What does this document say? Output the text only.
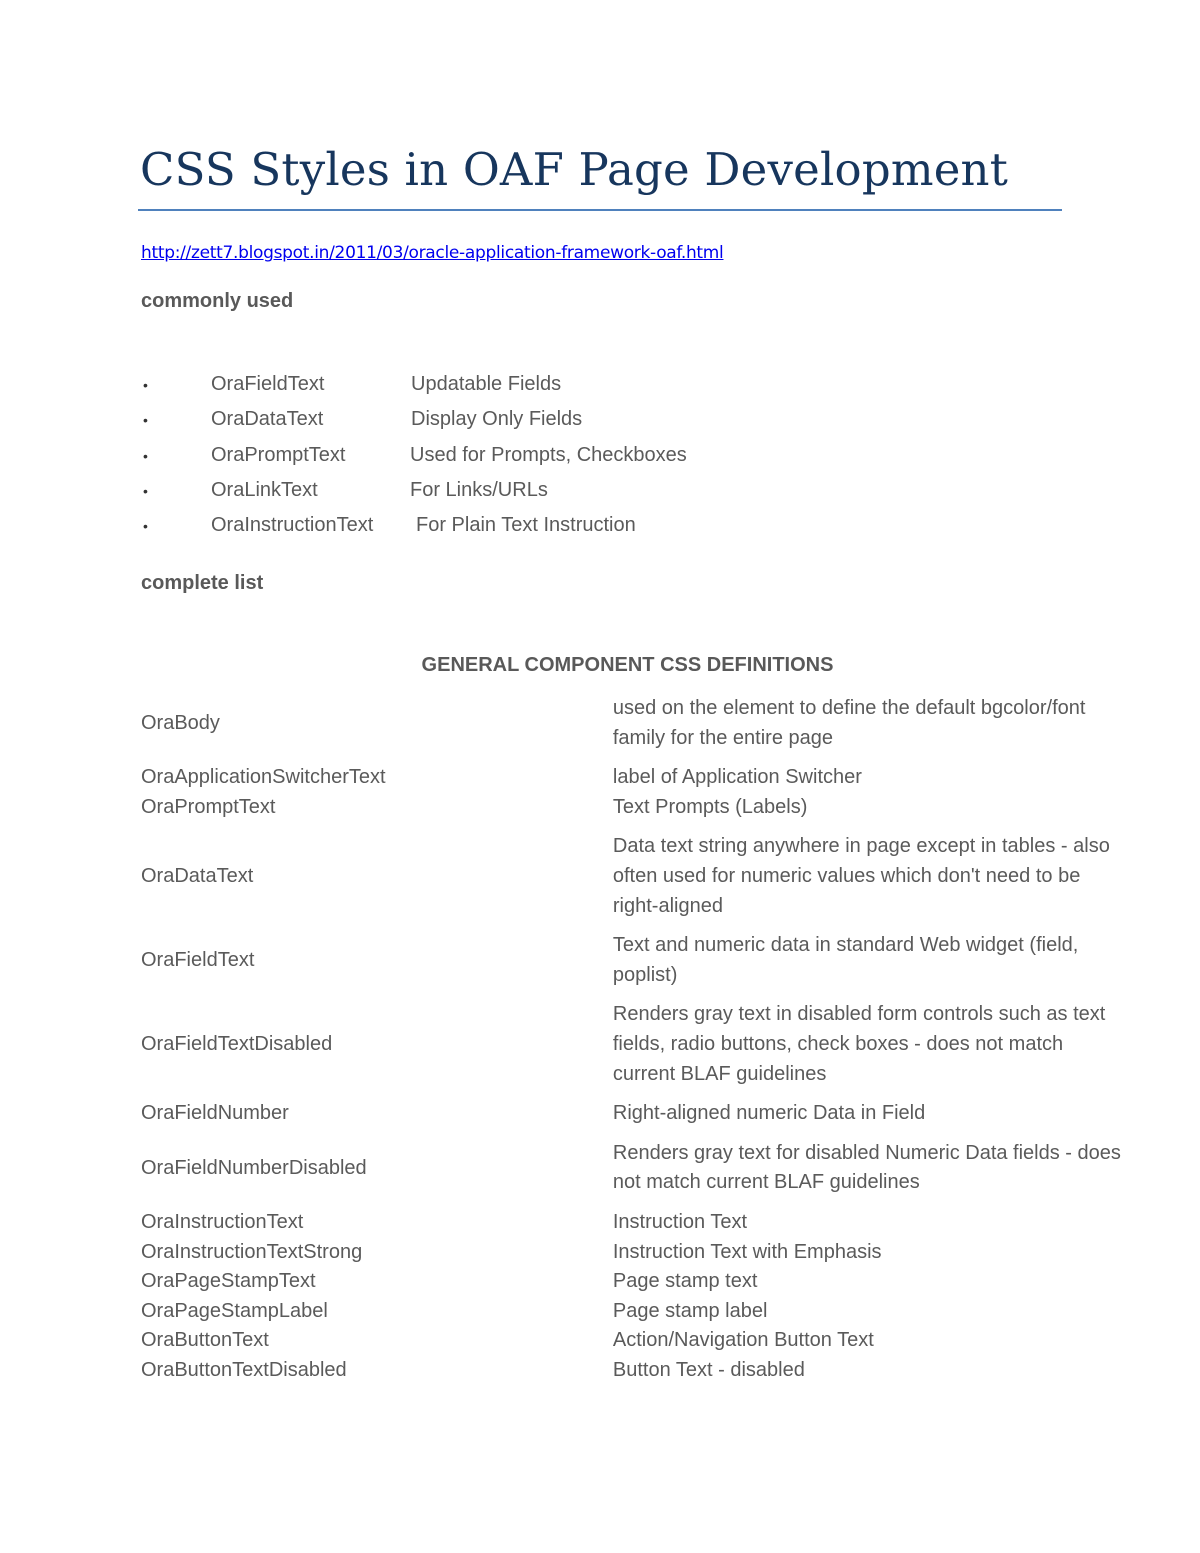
CSS Styles in OAF Page Development
http://zett7.blogspot.in/2011/03/oracle-application-framework-oaf.html
commonly used
•	OraFieldText	Updatable Fields
•	OraDataText	Display Only Fields
•	OraPromptText	Used for Prompts, Checkboxes
•	OraLinkText	For Links/URLs
•	OraInstructionText For Plain Text Instruction
complete list
GENERAL COMPONENT CSS DEFINITIONS
OraBody	used on the element to define the default bgcolor/font family for the entire page
OraApplicationSwitcherText	label of Application Switcher
OraPromptText	Text Prompts (Labels)
OraDataText	Data text string anywhere in page except in tables - also often used for numeric values which don't need to be right-aligned
OraFieldText	Text and numeric data in standard Web widget (field, poplist)
OraFieldTextDisabled	Renders gray text in disabled form controls such as text fields, radio buttons, check boxes - does not match current BLAF guidelines
OraFieldNumber	Right-aligned numeric Data in Field
OraFieldNumberDisabled	Renders gray text for disabled Numeric Data fields - does not match current BLAF guidelines
OraInstructionText	Instruction Text
OraInstructionTextStrong	Instruction Text with Emphasis
OraPageStampText	Page stamp text
OraPageStampLabel	Page stamp label
OraButtonText	Action/Navigation Button Text
OraButtonTextDisabled	Button Text - disabled
